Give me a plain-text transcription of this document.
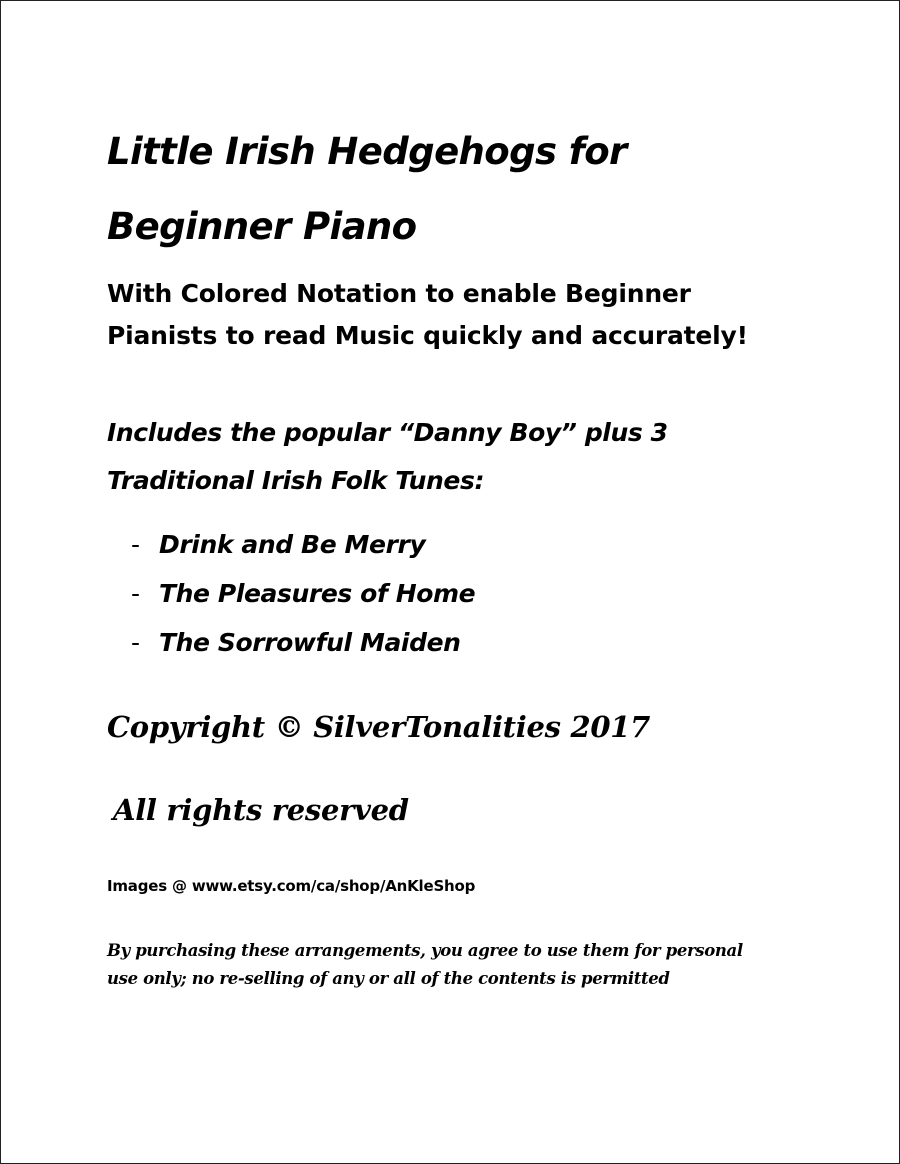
Little Irish Hedgehogs for
Beginner Piano

With Colored Notation to enable Beginner
Pianists to read Music quickly and accurately!

Includes the popular “Danny Boy” plus 3
Traditional Irish Folk Tunes:

- Drink and Be Merry
- The Pleasures of Home
- The Sorrowful Maiden

Copyright © SilverTonalities 2017

All rights reserved

Images @ www.etsy.com/ca/shop/AnKleShop

By purchasing these arrangements, you agree to use them for personal
use only; no re-selling of any or all of the contents is permitted
